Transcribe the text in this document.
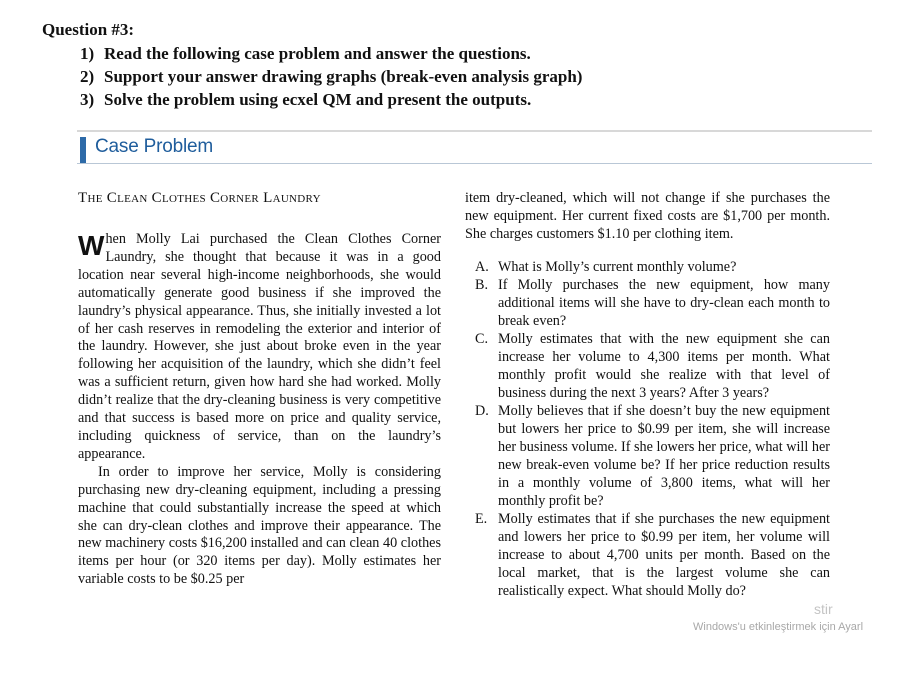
Question #3:
1) Read the following case problem and answer the questions.
2) Support your answer drawing graphs (break-even analysis graph)
3) Solve the problem using ecxel QM and present the outputs.
Case Problem
The Clean Clothes Corner Laundry

When Molly Lai purchased the Clean Clothes Corner Laundry, she thought that because it was in a good location near several high-income neighborhoods, she would automatically generate good business if she improved the laundry’s physical appearance. Thus, she initially invested a lot of her cash reserves in remodeling the exterior and interior of the laundry. However, she just about broke even in the year following her acquisition of the laundry, which she didn’t feel was a sufficient return, given how hard she had worked. Molly didn’t realize that the dry-cleaning business is very competitive and that success is based more on price and quality service, including quickness of service, than on the laundry’s appearance.

In order to improve her service, Molly is considering purchasing new dry-cleaning equipment, including a pressing machine that could substantially increase the speed at which she can dry-clean clothes and improve their appearance. The new machinery costs $16,200 installed and can clean 40 clothes items per hour (or 320 items per day). Molly estimates her variable costs to be $0.25 per

item dry-cleaned, which will not change if she purchases the new equipment. Her current fixed costs are $1,700 per month. She charges customers $1.10 per clothing item.

A. What is Molly’s current monthly volume?
B. If Molly purchases the new equipment, how many additional items will she have to dry-clean each month to break even?
C. Molly estimates that with the new equipment she can increase her volume to 4,300 items per month. What monthly profit would she realize with that level of business during the next 3 years? After 3 years?
D. Molly believes that if she doesn’t buy the new equipment but lowers her price to $0.99 per item, she will increase her business volume. If she lowers her price, what will her new break-even volume be? If her price reduction results in a monthly volume of 3,800 items, what will her monthly profit be?
E. Molly estimates that if she purchases the new equipment and lowers her price to $0.99 per item, her volume will increase to about 4,700 units per month. Based on the local market, that is the largest volume she can realistically expect. What should Molly do?
stir
Windows'u etkinleştirmek için Ayarl
